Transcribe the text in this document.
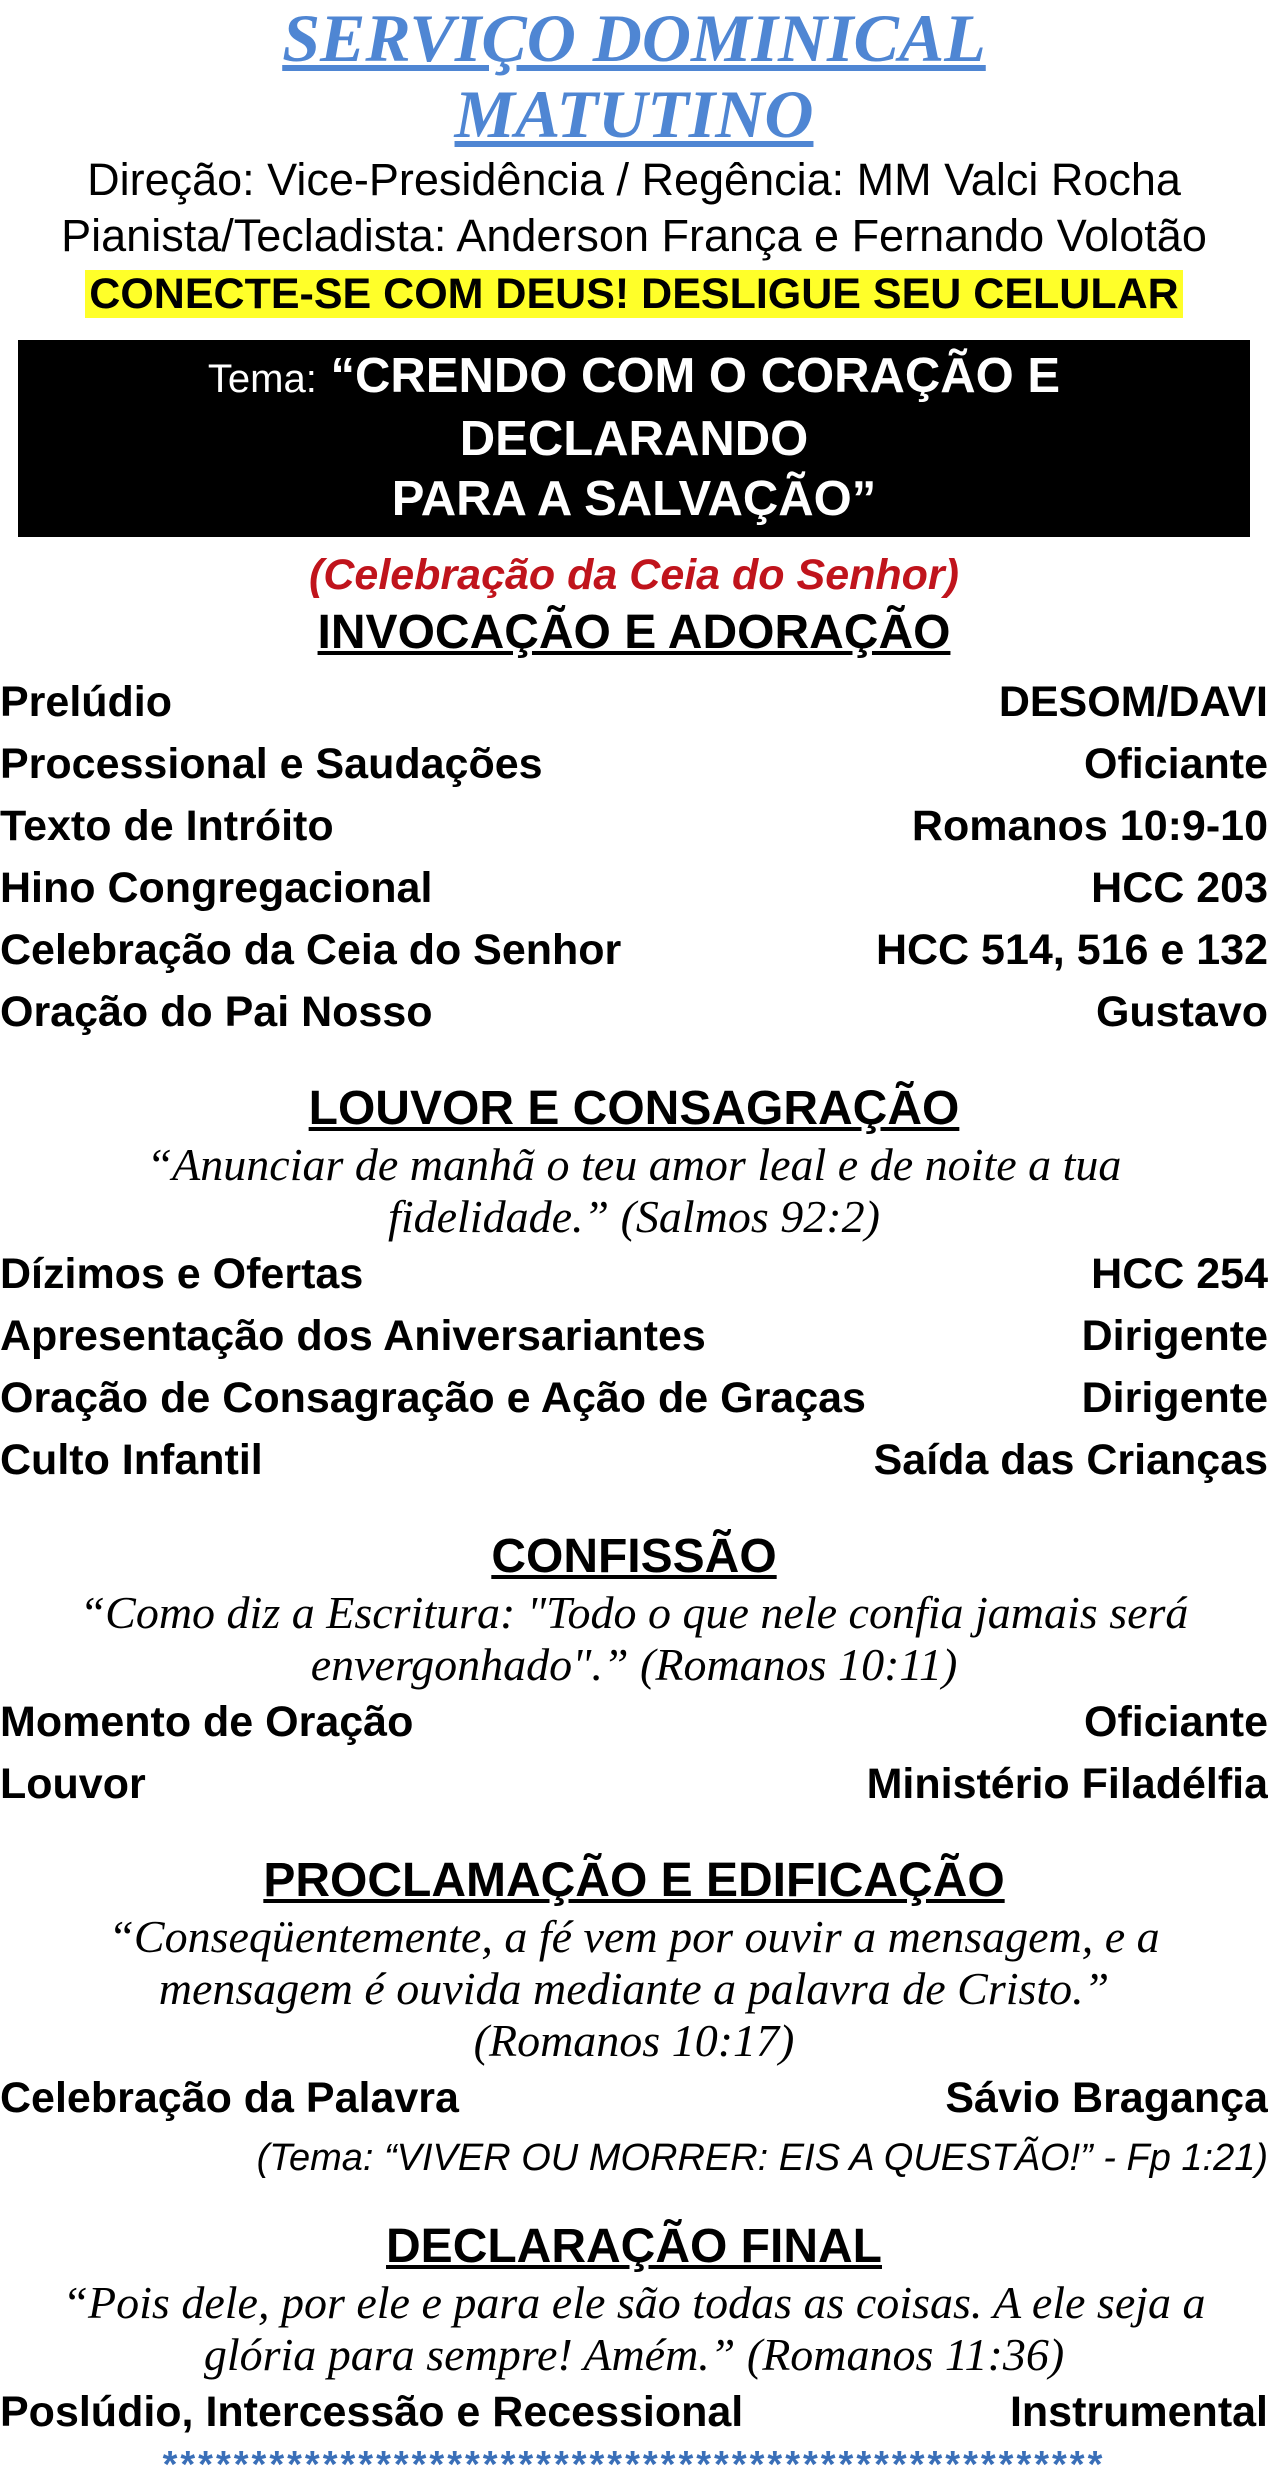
SERVIÇO DOMINICAL
MATUTINO
Direção: Vice-Presidência / Regência: MM Valci Rocha
Pianista/Tecladista: Anderson França e Fernando Volotão
CONECTE-SE COM DEUS! DESLIGUE SEU CELULAR
Tema: “CRENDO COM O CORAÇÃO E DECLARANDO
PARA A SALVAÇÃO”
(Celebração da Ceia do Senhor)
INVOCAÇÃO E ADORAÇÃO
Prelúdio	DESOM/DAVI
Processional e Saudações	Oficiante
Texto de Intróito	Romanos 10:9-10
Hino Congregacional	HCC 203
Celebração da Ceia do Senhor	HCC 514, 516 e 132
Oração do Pai Nosso	Gustavo
LOUVOR E CONSAGRAÇÃO
“Anunciar de manhã o teu amor leal e de noite a tua
fidelidade.” (Salmos 92:2)
Dízimos e Ofertas	HCC 254
Apresentação dos Aniversariantes	Dirigente
Oração de Consagração e Ação de Graças	Dirigente
Culto Infantil	Saída das Crianças
CONFISSÃO
“Como diz a Escritura: "Todo o que nele confia jamais será
envergonhado".” (Romanos 10:11)
Momento de Oração	Oficiante
Louvor	Ministério Filadélfia
PROCLAMAÇÃO E EDIFICAÇÃO
“Conseqüentemente, a fé vem por ouvir a mensagem, e a
mensagem é ouvida mediante a palavra de Cristo.”
(Romanos 10:17)
Celebração da Palavra	Sávio Bragança
(Tema: “VIVER OU MORRER: EIS A QUESTÃO!” - Fp 1:21)
DECLARAÇÃO FINAL
“Pois dele, por ele e para ele são todas as coisas. A ele seja a
glória para sempre! Amém.” (Romanos 11:36)
Poslúdio, Intercessão e Recessional	Instrumental
*****************************************************
